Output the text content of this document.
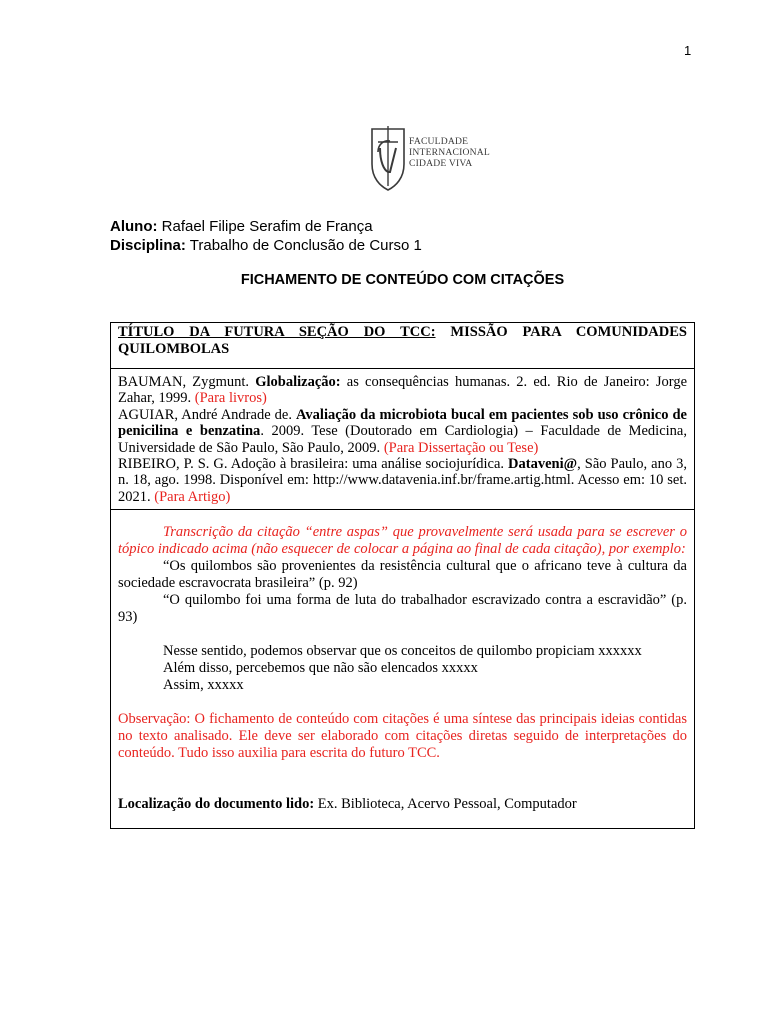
1
FACULDADE
INTERNACIONAL
CIDADE VIVA
Aluno: Rafael Filipe Serafim de França
Disciplina: Trabalho de Conclusão de Curso 1
FICHAMENTO DE CONTEÚDO COM CITAÇÕES

TÍTULO DA FUTURA SEÇÃO DO TCC: MISSÃO PARA COMUNIDADES QUILOMBOLAS

BAUMAN, Zygmunt. Globalização: as consequências humanas. 2. ed. Rio de Janeiro: Jorge Zahar, 1999. (Para livros)

AGUIAR, André Andrade de. Avaliação da microbiota bucal em pacientes sob uso crônico de penicilina e benzatina. 2009. Tese (Doutorado em Cardiologia) – Faculdade de Medicina, Universidade de São Paulo, São Paulo, 2009. (Para Dissertação ou Tese)

RIBEIRO, P. S. G. Adoção à brasileira: uma análise sociojurídica. Dataveni@, São Paulo, ano 3, n. 18, ago. 1998. Disponível em: http://www.datavenia.inf.br/frame.artig.html. Acesso em: 10 set. 2021. (Para Artigo)

Transcrição da citação “entre aspas” que provavelmente será usada para se escrever o tópico indicado acima (não esquecer de colocar a página ao final de cada citação), por exemplo:

“Os quilombos são provenientes da resistência cultural que o africano teve à cultura da sociedade escravocrata brasileira” (p. 92)

“O quilombo foi uma forma de luta do trabalhador escravizado contra a escravidão” (p. 93)

Nesse sentido, podemos observar que os conceitos de quilombo propiciam xxxxxx

Além disso, percebemos que não são elencados xxxxx

Assim, xxxxx

Observação: O fichamento de conteúdo com citações é uma síntese das principais ideias contidas no texto analisado. Ele deve ser elaborado com citações diretas seguido de interpretações do conteúdo. Tudo isso auxilia para escrita do futuro TCC.

Localização do documento lido: Ex. Biblioteca, Acervo Pessoal, Computador
